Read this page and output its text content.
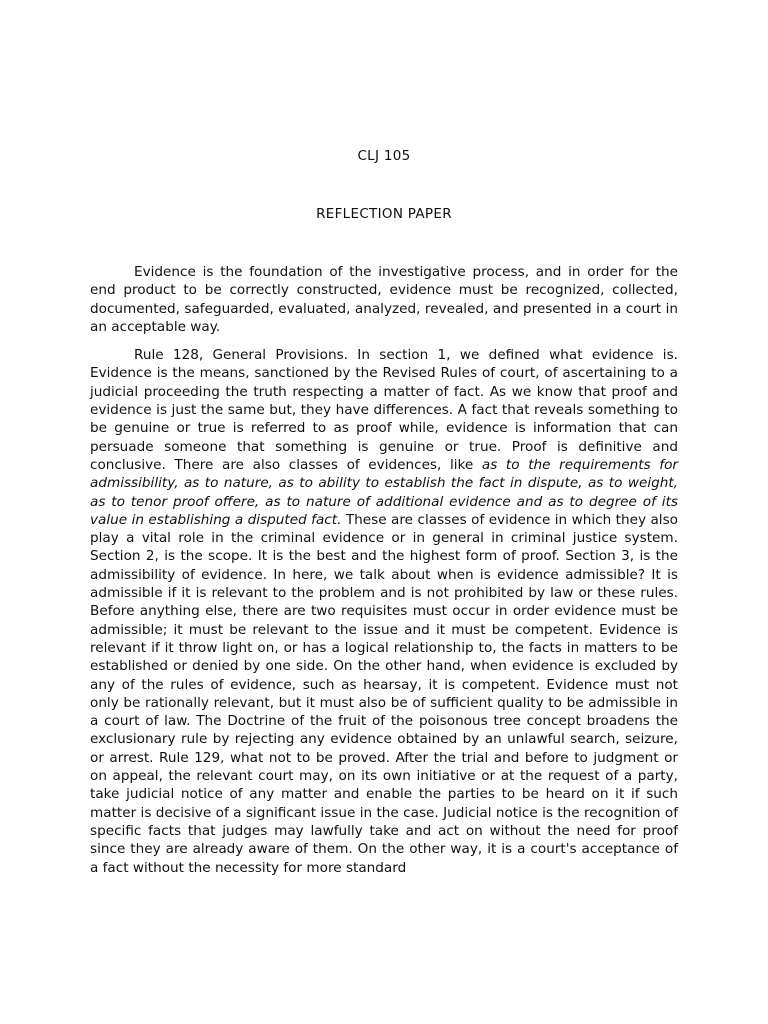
CLJ 105
REFLECTION PAPER

Evidence is the foundation of the investigative process, and in order for the end product to be correctly constructed, evidence must be recognized, collected, documented, safeguarded, evaluated, analyzed, revealed, and presented in a court in an acceptable way.

Rule 128, General Provisions. In section 1, we defined what evidence is. Evidence is the means, sanctioned by the Revised Rules of court, of ascertaining to a judicial proceeding the truth respecting a matter of fact. As we know that proof and evidence is just the same but, they have differences. A fact that reveals something to be genuine or true is referred to as proof while, evidence is information that can persuade someone that something is genuine or true. Proof is definitive and conclusive. There are also classes of evidences, like as to the requirements for admissibility, as to nature, as to ability to establish the fact in dispute, as to weight, as to tenor proof offere, as to nature of additional evidence and as to degree of its value in establishing a disputed fact. These are classes of evidence in which they also play a vital role in the criminal evidence or in general in criminal justice system. Section 2, is the scope. It is the best and the highest form of proof. Section 3, is the admissibility of evidence. In here, we talk about when is evidence admissible? It is admissible if it is relevant to the problem and is not prohibited by law or these rules. Before anything else, there are two requisites must occur in order evidence must be admissible; it must be relevant to the issue and it must be competent. Evidence is relevant if it throw light on, or has a logical relationship to, the facts in matters to be established or denied by one side. On the other hand, when evidence is excluded by any of the rules of evidence, such as hearsay, it is competent. Evidence must not only be rationally relevant, but it must also be of sufficient quality to be admissible in a court of law. The Doctrine of the fruit of the poisonous tree concept broadens the exclusionary rule by rejecting any evidence obtained by an unlawful search, seizure, or arrest. Rule 129, what not to be proved. After the trial and before to judgment or on appeal, the relevant court may, on its own initiative or at the request of a party, take judicial notice of any matter and enable the parties to be heard on it if such matter is decisive of a significant issue in the case. Judicial notice is the recognition of specific facts that judges may lawfully take and act on without the need for proof since they are already aware of them. On the other way, it is a court's acceptance of a fact without the necessity for more standard
